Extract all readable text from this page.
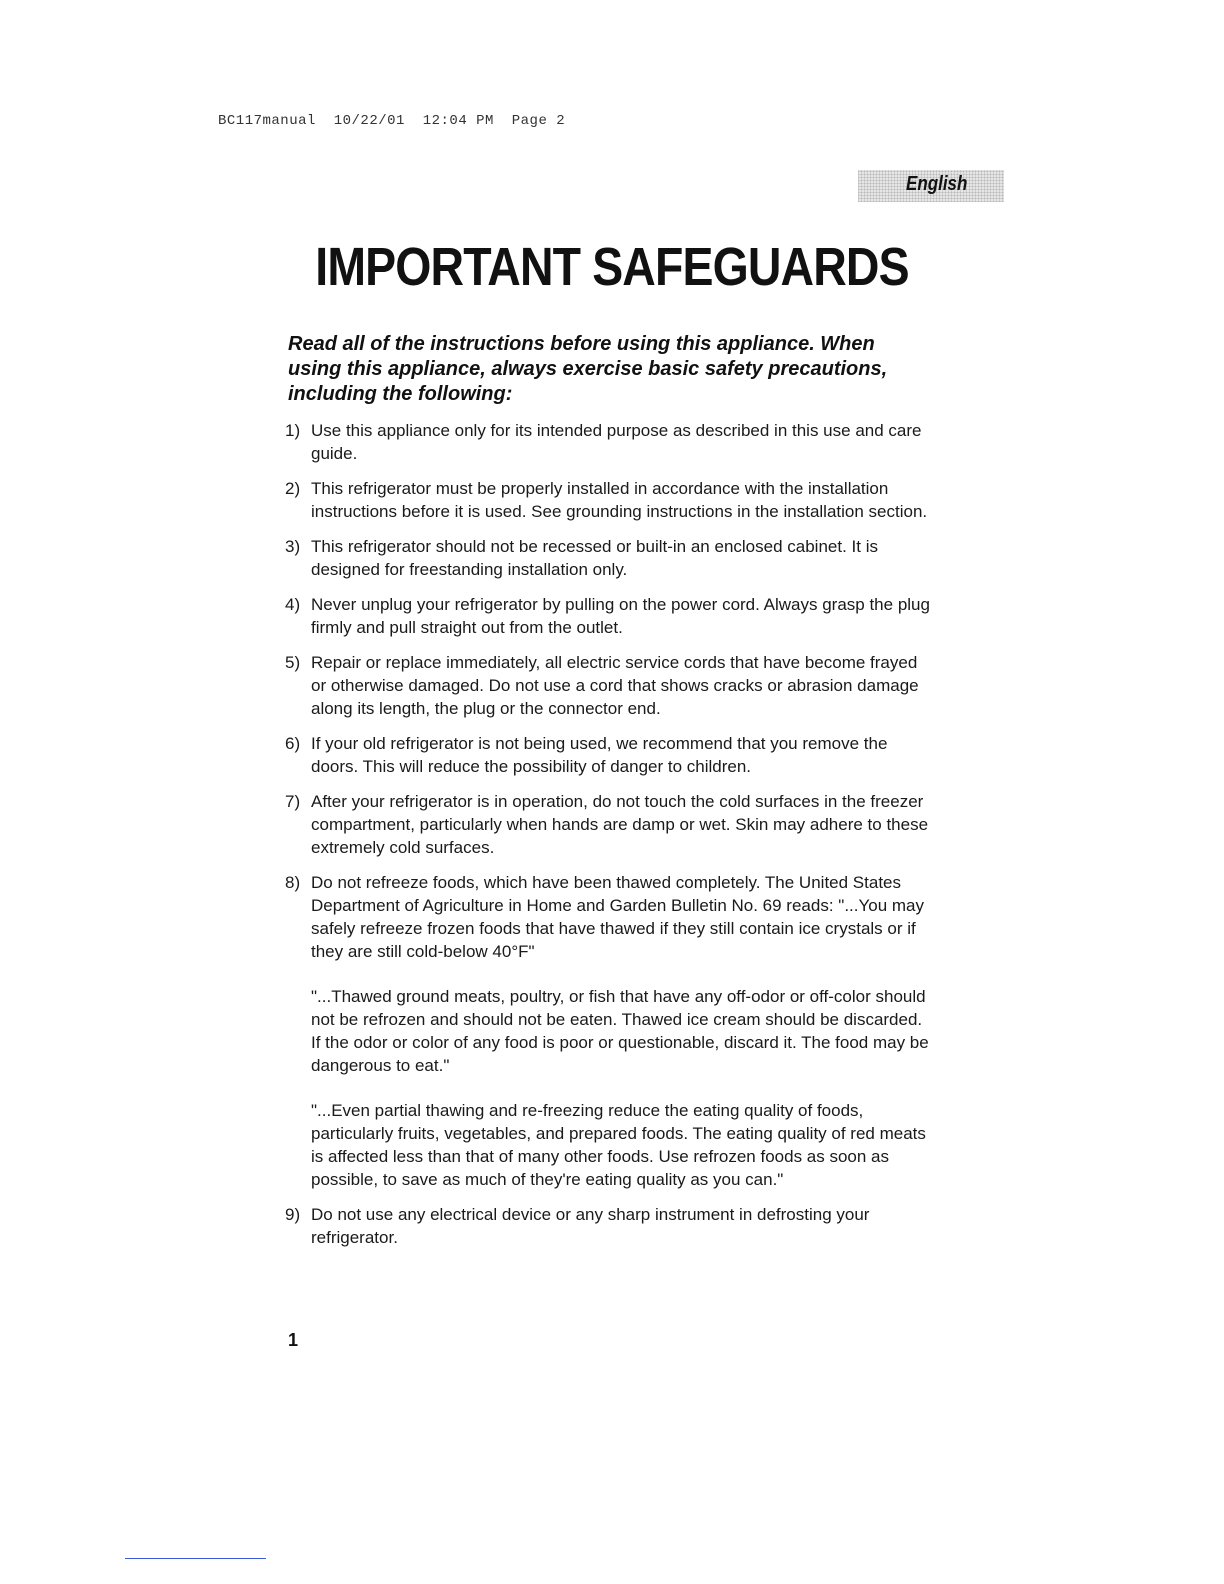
BC117manual  10/22/01  12:04 PM  Page 2
English
IMPORTANT SAFEGUARDS

Read all of the instructions before using this appliance. When using this appliance, always exercise basic safety precautions, including the following:

1) Use this appliance only for its intended purpose as described in this use and care guide.
2) This refrigerator must be properly installed in accordance with the installation instructions before it is used. See grounding instructions in the installation section.
3) This refrigerator should not be recessed or built-in an enclosed cabinet. It is designed for freestanding installation only.
4) Never unplug your refrigerator by pulling on the power cord. Always grasp the plug firmly and pull straight out from the outlet.
5) Repair or replace immediately, all electric service cords that have become frayed or otherwise damaged. Do not use a cord that shows cracks or abrasion damage along its length, the plug or the connector end.
6) If your old refrigerator is not being used, we recommend that you remove the doors. This will reduce the possibility of danger to children.
7) After your refrigerator is in operation, do not touch the cold surfaces in the freezer compartment, particularly when hands are damp or wet. Skin may adhere to these extremely cold surfaces.
8) Do not refreeze foods, which have been thawed completely. The United States Department of Agriculture in Home and Garden Bulletin No. 69 reads: "...You may safely refreeze frozen foods that have thawed if they still contain ice crystals or if they are still cold-below 40°F"
"...Thawed ground meats, poultry, or fish that have any off-odor or off-color should not be refrozen and should not be eaten. Thawed ice cream should be discarded. If the odor or color of any food is poor or questionable, discard it. The food may be dangerous to eat."
"...Even partial thawing and re-freezing reduce the eating quality of foods, particularly fruits, vegetables, and prepared foods. The eating quality of red meats is affected less than that of many other foods. Use refrozen foods as soon as possible, to save as much of they're eating quality as you can."
9) Do not use any electrical device or any sharp instrument in defrosting your refrigerator.
1
